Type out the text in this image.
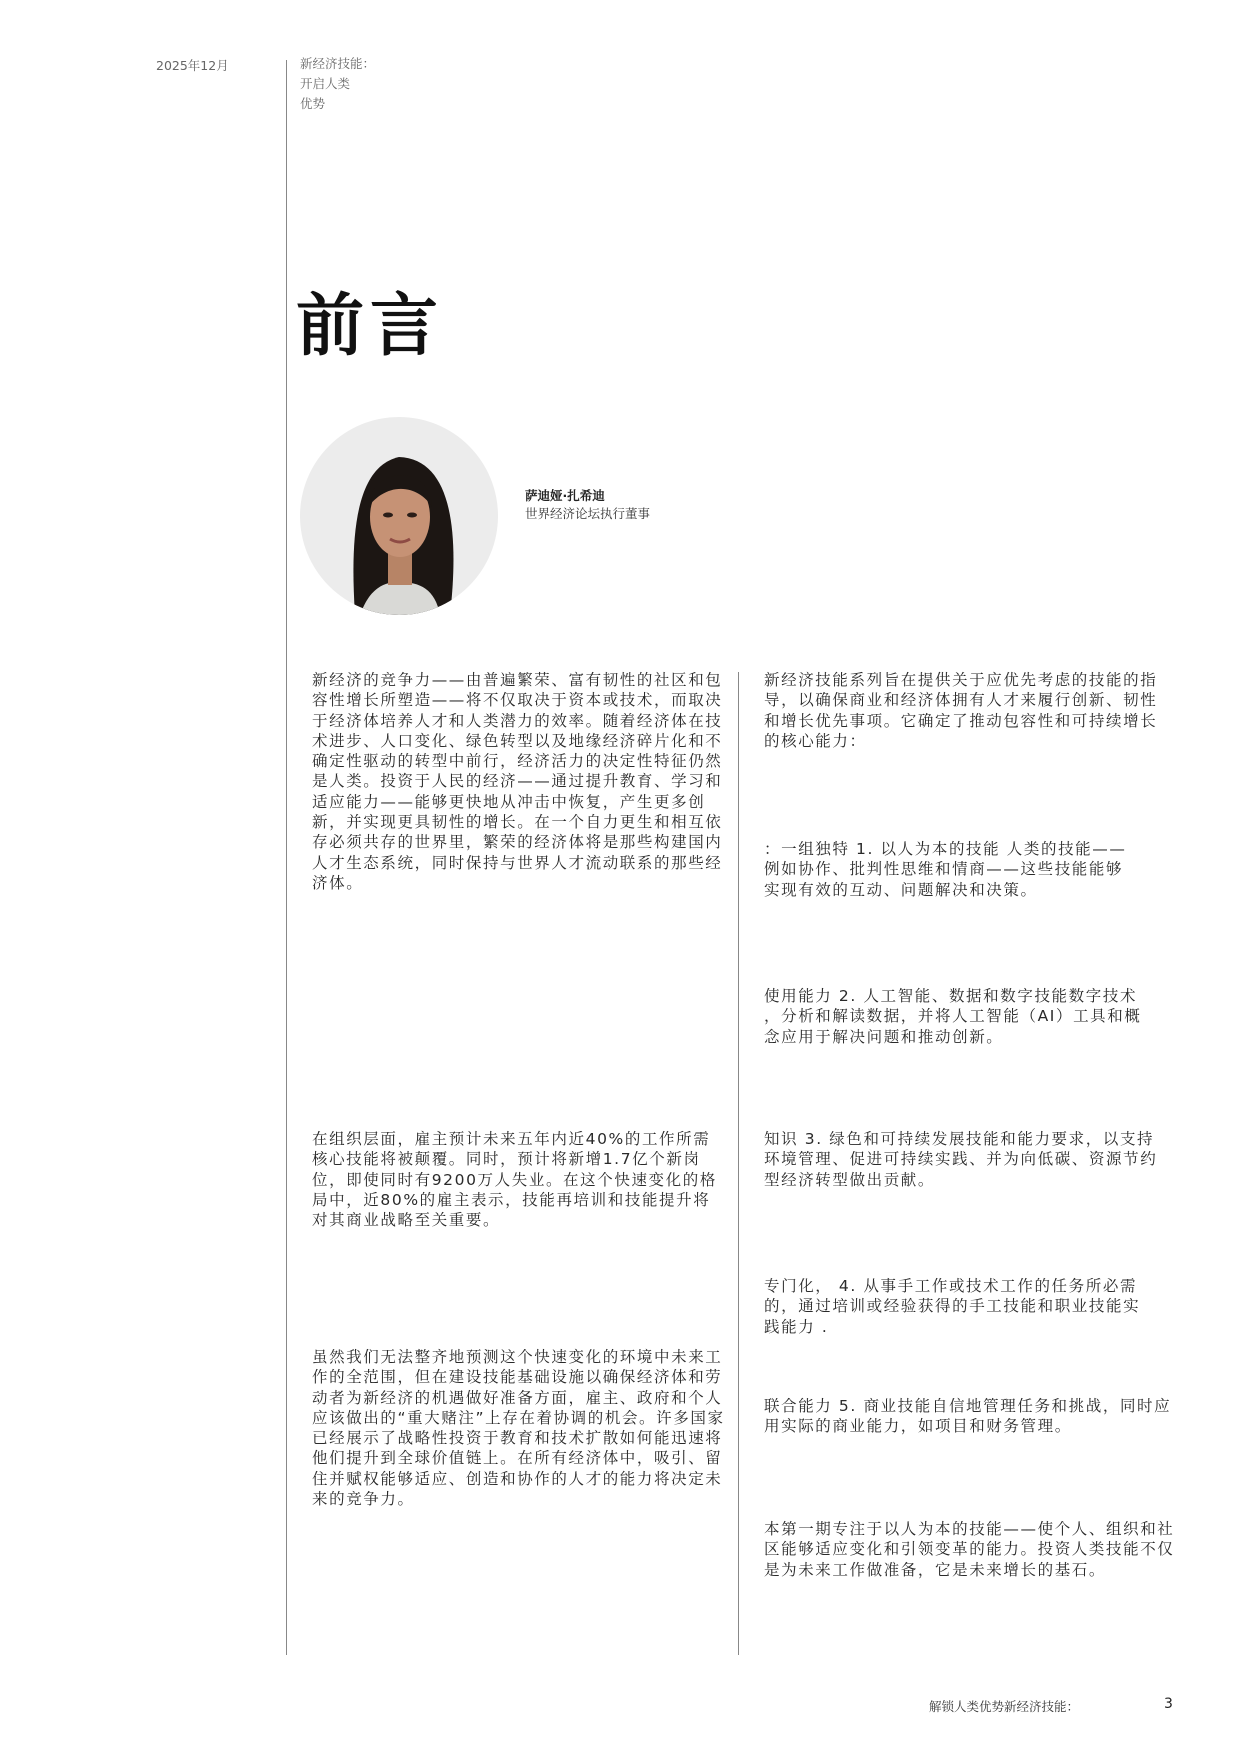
2025年12月	新经济技能：
开启人类
优势
前言
萨迪娅·扎希迪
世界经济论坛执行董事
新经济的竞争力——由普遍繁荣、富有韧性的社区和包容性增长所塑造——将不仅取决于资本或技术，而取决于经济体培养人才和人类潜力的效率。随着经济体在技术进步、人口变化、绿色转型以及地缘经济碎片化和不确定性驱动的转型中前行，经济活力的决定性特征仍然是人类。投资于人民的经济——通过提升教育、学习和适应能力——能够更快地从冲击中恢复，产生更多创新，并实现更具韧性的增长。在一个自力更生和相互依存必须共存的世界里，繁荣的经济体将是那些构建国内人才生态系统，同时保持与世界人才流动联系的那些经济体。
在组织层面，雇主预计未来五年内近40%的工作所需核心技能将被颠覆。同时，预计将新增1.7亿个新岗位，即使同时有9200万人失业。在这个快速变化的格局中，近80%的雇主表示，技能再培训和技能提升将对其商业战略至关重要。
虽然我们无法整齐地预测这个快速变化的环境中未来工作的全范围，但在建设技能基础设施以确保经济体和劳动者为新经济的机遇做好准备方面，雇主、政府和个人应该做出的“重大赌注”上存在着协调的机会。许多国家已经展示了战略性投资于教育和技术扩散如何能迅速将他们提升到全球价值链上。在所有经济体中，吸引、留住并赋权能够适应、创造和协作的人才的能力将决定未来的竞争力。
新经济技能系列旨在提供关于应优先考虑的技能的指
导，以确保商业和经济体拥有人才来履行创新、韧性
和增长优先事项。它确定了推动包容性和可持续增长
的核心能力：
：一组独特 1. 以人为本的技能 人类的技能——
例如协作、批判性思维和情商——这些技能能够
实现有效的互动、问题解决和决策。
使用能力 2. 人工智能、数据和数字技能数字技术
，分析和解读数据，并将人工智能（AI）工具和概
念应用于解决问题和推动创新。
知识 3. 绿色和可持续发展技能和能力要求，以支持
环境管理、促进可持续实践、并为向低碳、资源节约
型经济转型做出贡献。
专门化， 4. 从事手工作或技术工作的任务所必需
的，通过培训或经验获得的手工技能和职业技能实
践能力 .
联合能力 5. 商业技能自信地管理任务和挑战，同时应
用实际的商业能力，如项目和财务管理。
本第一期专注于以人为本的技能——使个人、组织和社
区能够适应变化和引领变革的能力。投资人类技能不仅
是为未来工作做准备，它是未来增长的基石。
解锁人类优势新经济技能：	3
